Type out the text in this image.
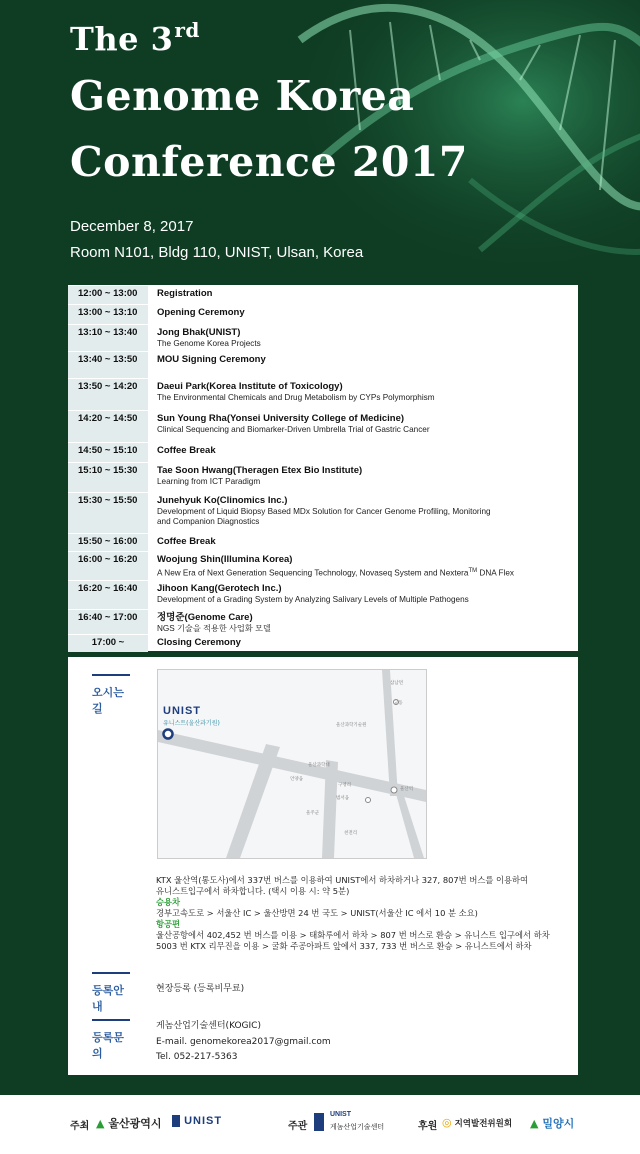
The 3rd
Genome Korea
Conference 2017
December 8, 2017
Room N101, Bldg 110, UNIST, Ulsan, Korea
12:00 ~ 13:00	Registration
13:00 ~ 13:10	Opening Ceremony
13:10 ~ 13:40	Jong Bhak(UNIST)
The Genome Korea Projects
13:40 ~ 13:50	MOU Signing Ceremony
13:50 ~ 14:20	Daeui Park(Korea Institute of Toxicology)
The Environmental Chemicals and Drug Metabolism by CYPs Polymorphism
14:20 ~ 14:50	Sun Young Rha(Yonsei University College of Medicine)
Clinical Sequencing and Biomarker-Driven Umbrella Trial of Gastric Cancer
14:50 ~ 15:10	Coffee Break
15:10 ~ 15:30	Tae Soon Hwang(Theragen Etex Bio Institute)
Learning from ICT Paradigm
15:30 ~ 15:50	Junehyuk Ko(Clinomics Inc.)
Development of Liquid Biopsy Based MDx Solution for Cancer Genome Profiling, Monitoring
and Companion Diagnostics
15:50 ~ 16:00	Coffee Break
16:00 ~ 16:20	Woojung Shin(Illumina Korea)
A New Era of Next Generation Sequencing Technology, Novaseq System and Nextera™ DNA Flex
16:20 ~ 16:40	Jihoon Kang(Gerotech Inc.)
Development of a Grading System by Analyzing Salivary Levels of Multiple Pathogens
16:40 ~ 17:00	정명준(Genome Care)
NGS 기술을 적용한 사업화 모델
17:00 ~	Closing Ceremony
오시는길	UNIST
유니스트(울산과기원)	울산과학기술원
울산과학대
언양읍
구영리
울산역
교동
삼남면
울주군
범서읍
천전리
KTX 울산역(통도사)에서 337번 버스를 이용하여 UNIST에서 하차하거나 327, 807번 버스를 이용하여
유니스트입구에서 하차합니다. (택시 이용 시: 약 5분)
승용차
경부고속도로 > 서울산 IC > 울산방면 24 번 국도 > UNIST(서울산 IC 에서 10 분 소요)
항공편
울산공항에서 402,452 번 버스를 이용 > 태화루에서 하차 > 807 번 버스로 환승 > 유니스트 입구에서 하차
5003 번 KTX 리무진을 이용 > 굴화 주공아파트 앞에서 337, 733 번 버스로 환승 > 유니스트에서 하차
등록안내
현장등록 (등록비무료)
등록문의
게놈산업기술센터(KOGIC)
E-mail. genomekorea2017@gmail.com
Tel. 052-217-5363
주최 ▲ 울산광역시	UNIST	주관
UNIST
게놈산업기술센터	후원 ◎ 지역발전위원회 ▲ 밀양시
